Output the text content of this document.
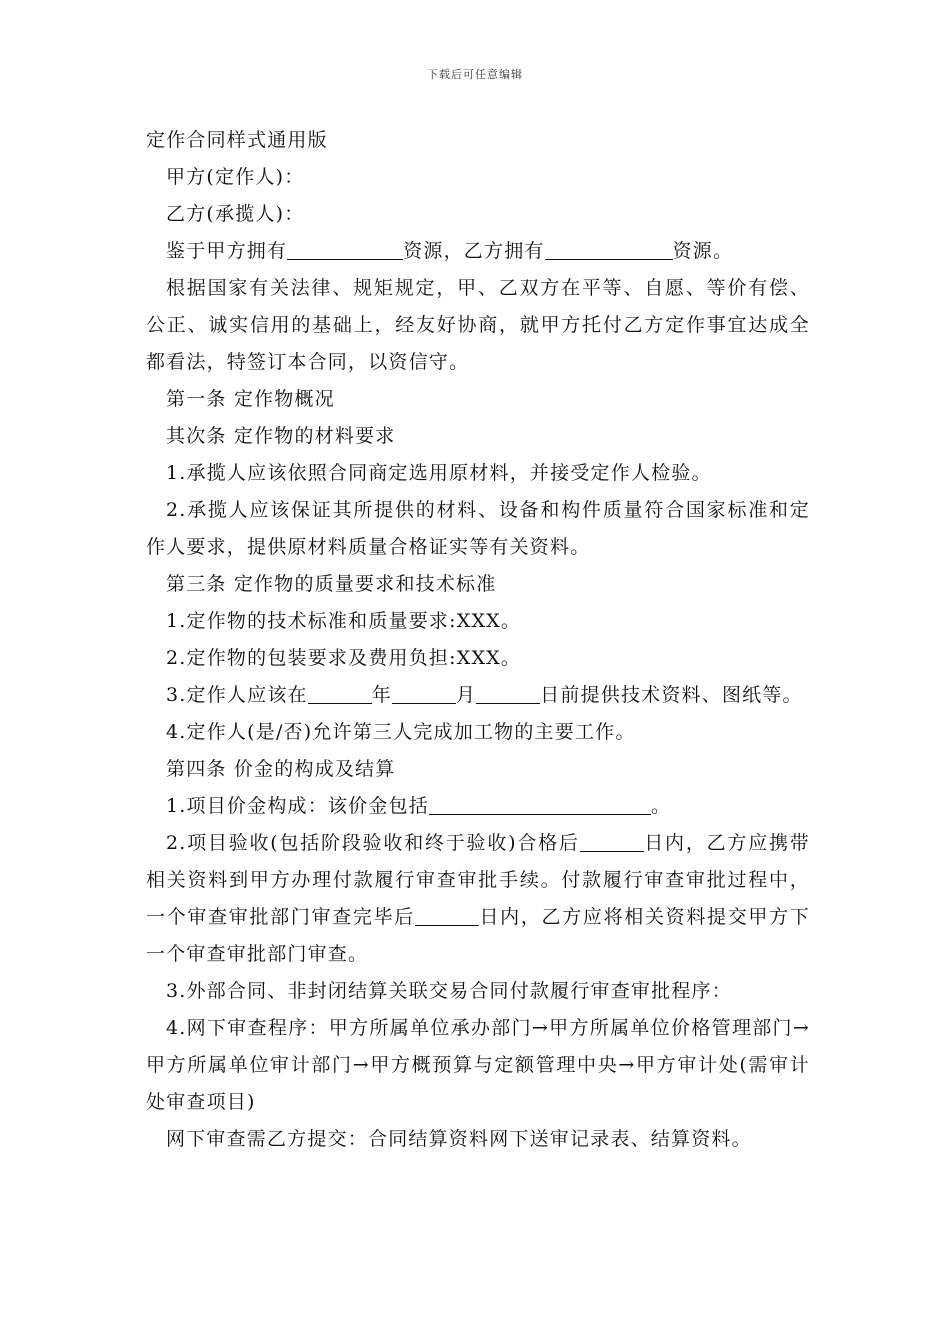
下载后可任意编辑

定作合同样式通用版

甲方(定作人)：

乙方(承揽人)：

鉴于甲方拥有	资源，乙方拥有	资源。

根据国家有关法律、规矩规定，甲、乙双方在平等、自愿、等价有偿、公正、诚实信用的基础上，经友好协商，就甲方托付乙方定作事宜达成全都看法，特签订本合同，以资信守。

第一条 定作物概况

其次条 定作物的材料要求

1.承揽人应该依照合同商定选用原材料，并接受定作人检验。

2.承揽人应该保证其所提供的材料、设备和构件质量符合国家标准和定作人要求，提供原材料质量合格证实等有关资料。

第三条 定作物的质量要求和技术标准

1.定作物的技术标准和质量要求:XXX。

2.定作物的包装要求及费用负担:XXX。

3.定作人应该在	年	月	日前提供技术资料、图纸等。

4.定作人(是/否)允许第三人完成加工物的主要工作。

第四条 价金的构成及结算

1.项目价金构成：该价金包括	。

2.项目验收(包括阶段验收和终于验收)合格后	日内，乙方应携带相关资料到甲方办理付款履行审查审批手续。付款履行审查审批过程中，一个审查审批部门审查完毕后	日内，乙方应将相关资料提交甲方下一个审查审批部门审查。

3.外部合同、非封闭结算关联交易合同付款履行审查审批程序：

4.网下审查程序：甲方所属单位承办部门→甲方所属单位价格管理部门→甲方所属单位审计部门→甲方概预算与定额管理中央→甲方审计处(需审计处审查项目)

网下审查需乙方提交：合同结算资料网下送审记录表、结算资料。
